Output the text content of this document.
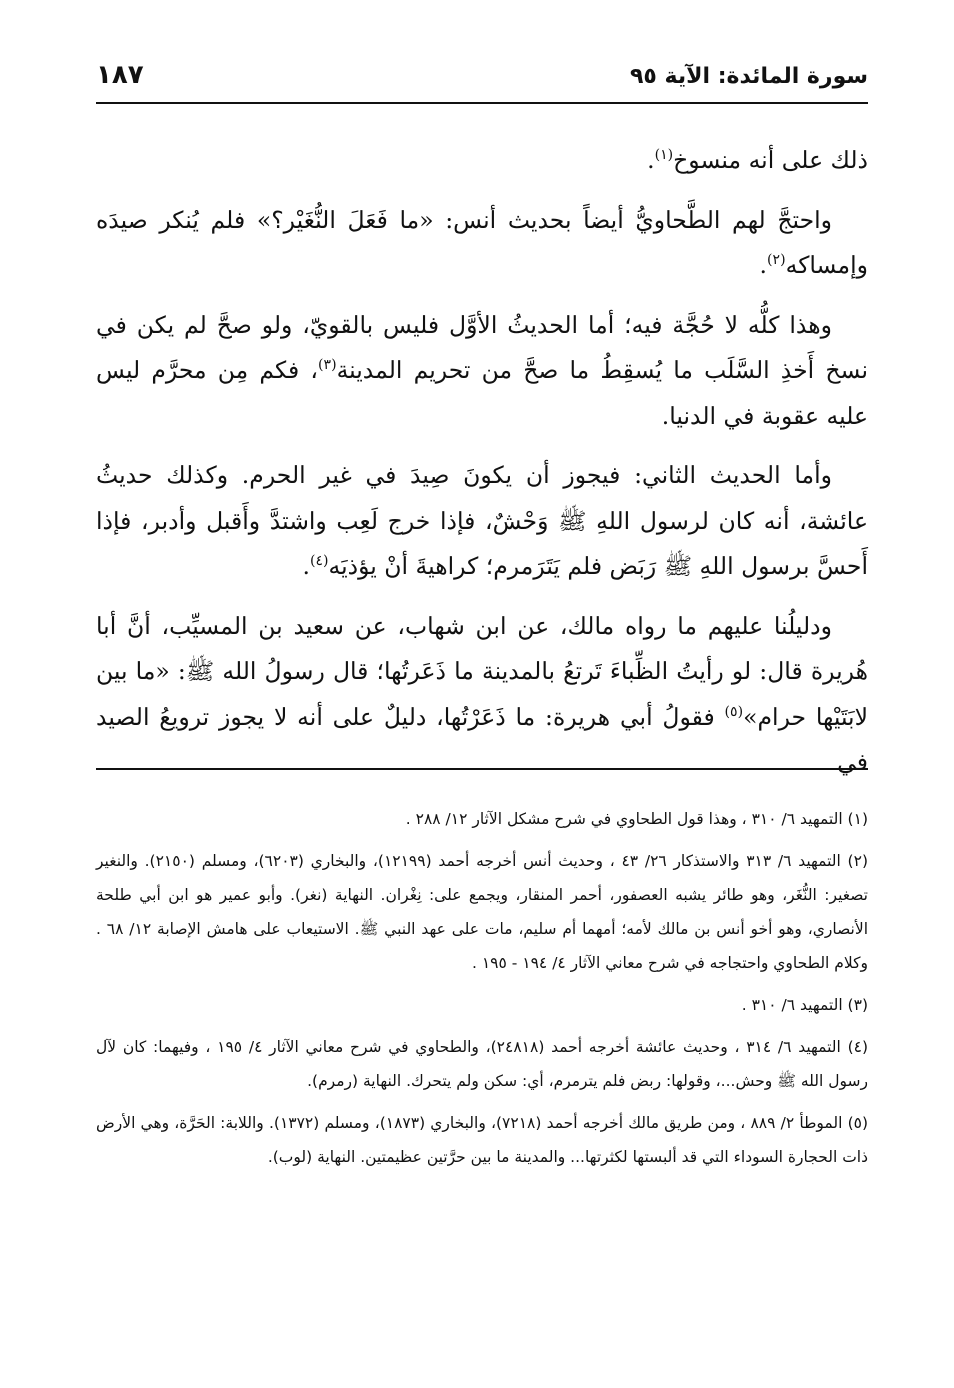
سورة المائدة: الآية ٩٥
١٨٧

ذلك على أنه منسوخ$^{(١)}$.

واحتجَّ لهم الطَّحاويُّ أيضاً بحديث أنس: «ما فَعَلَ النُّغَيْر؟» فلم يُنكر صيدَه وإمساكه$^{(٢)}$.

وهذا كلُّه لا حُجَّة فيه؛ أما الحديثُ الأوَّل فليس بالقويّ، ولو صحَّ لم يكن في نسخ أَخذِ السَّلَب ما يُسقِطُ ما صحَّ من تحريم المدينة$^{(٣)}$، فكم مِن محرَّم ليس عليه عقوبة في الدنيا.

وأما الحديث الثاني: فيجوز أن يكونَ صِيدَ في غير الحرم. وكذلك حديثُ عائشة، أنه كان لرسول اللهِ ﷺ وَحْشٌ، فإذا خرج لَعِب واشتدَّ وأَقبل وأدبر، فإذا أَحسَّ برسول اللهِ ﷺ رَبَض فلم يَتَرَمرم؛ كراهيةَ أنْ يؤذيَه$^{(٤)}$.

ودليلُنا عليهم ما رواه مالك، عن ابن شهاب، عن سعيد بن المسيِّب، أنَّ أبا هُريرة قال: لو رأيتُ الظِّباءَ تَرتعُ بالمدينة ما ذَعَرتُها؛ قال رسولُ الله ﷺ: «ما بين لابَتَيْها حرام»$^{(٥)}$ فقولُ أبي هريرة: ما ذَعَرْتُها، دليلٌ على أنه لا يجوز ترويعُ الصيد في

(١) التمهيد ٦/ ٣١٠ ، وهذا قول الطحاوي في شرح مشكل الآثار ١٢/ ٢٨٨ .
(٢) التمهيد ٦/ ٣١٣ والاستذكار ٢٦/ ٤٣ ، وحديث أنس أخرجه أحمد (١٢١٩٩)، والبخاري (٦٢٠٣)، ومسلم (٢١٥٠). والنغير تصغير: النُّغَر، وهو طائر يشبه العصفور، أحمر المنقار، ويجمع على: نِغْران. النهاية (نغر). وأبو عمير هو ابن أبي طلحة الأنصاري، وهو أخو أنس بن مالك لأمه؛ أمهما أم سليم، مات على عهد النبي ﷺ. الاستيعاب على هامش الإصابة ١٢/ ٦٨ . وكلام الطحاوي واحتجاجه في شرح معاني الآثار ٤/ ١٩٤ - ١٩٥ .
(٣) التمهيد ٦/ ٣١٠ .
(٤) التمهيد ٦/ ٣١٤ ، وحديث عائشة أخرجه أحمد (٢٤٨١٨)، والطحاوي في شرح معاني الآثار ٤/ ١٩٥ ، وفيهما: كان لآل رسول الله ﷺ وحش...، وقولها: ربض فلم يترمرم، أي: سكن ولم يتحرك. النهاية (رمرم).
(٥) الموطأ ٢/ ٨٨٩ ، ومن طريق مالك أخرجه أحمد (٧٢١٨)، والبخاري (١٨٧٣)، ومسلم (١٣٧٢). واللابة: الحَرَّة، وهي الأرض ذات الحجارة السوداء التي قد ألبستها لكثرتها... والمدينة ما بين حرَّتين عظيمتين. النهاية (لوب).
